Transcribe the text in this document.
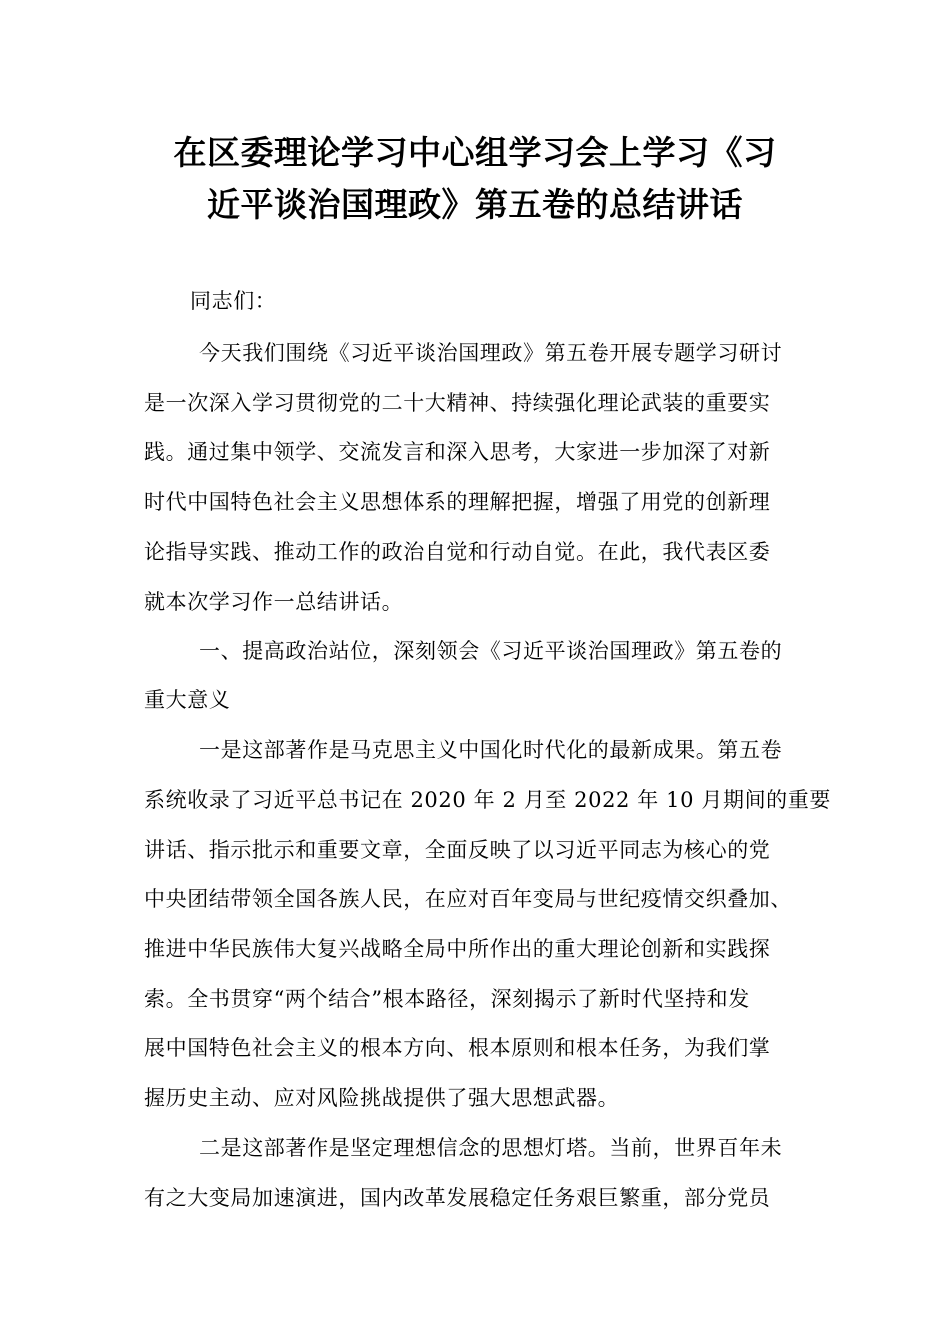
在区委理论学习中心组学习会上学习《习
近平谈治国理政》第五卷的总结讲话
同志们：
今天我们围绕《习近平谈治国理政》第五卷开展专题学习研讨
是一次深入学习贯彻党的二十大精神、持续强化理论武装的重要实
践。通过集中领学、交流发言和深入思考，大家进一步加深了对新
时代中国特色社会主义思想体系的理解把握，增强了用党的创新理
论指导实践、推动工作的政治自觉和行动自觉。在此，我代表区委
就本次学习作一总结讲话。
一、提高政治站位，深刻领会《习近平谈治国理政》第五卷的
重大意义
一是这部著作是马克思主义中国化时代化的最新成果。第五卷
系统收录了习近平总书记在 2020 年 2 月至 2022 年 10 月期间的重要
讲话、指示批示和重要文章，全面反映了以习近平同志为核心的党
中央团结带领全国各族人民，在应对百年变局与世纪疫情交织叠加、
推进中华民族伟大复兴战略全局中所作出的重大理论创新和实践探
索。全书贯穿“两个结合”根本路径，深刻揭示了新时代坚持和发
展中国特色社会主义的根本方向、根本原则和根本任务，为我们掌
握历史主动、应对风险挑战提供了强大思想武器。
二是这部著作是坚定理想信念的思想灯塔。当前，世界百年未
有之大变局加速演进，国内改革发展稳定任务艰巨繁重，部分党员
